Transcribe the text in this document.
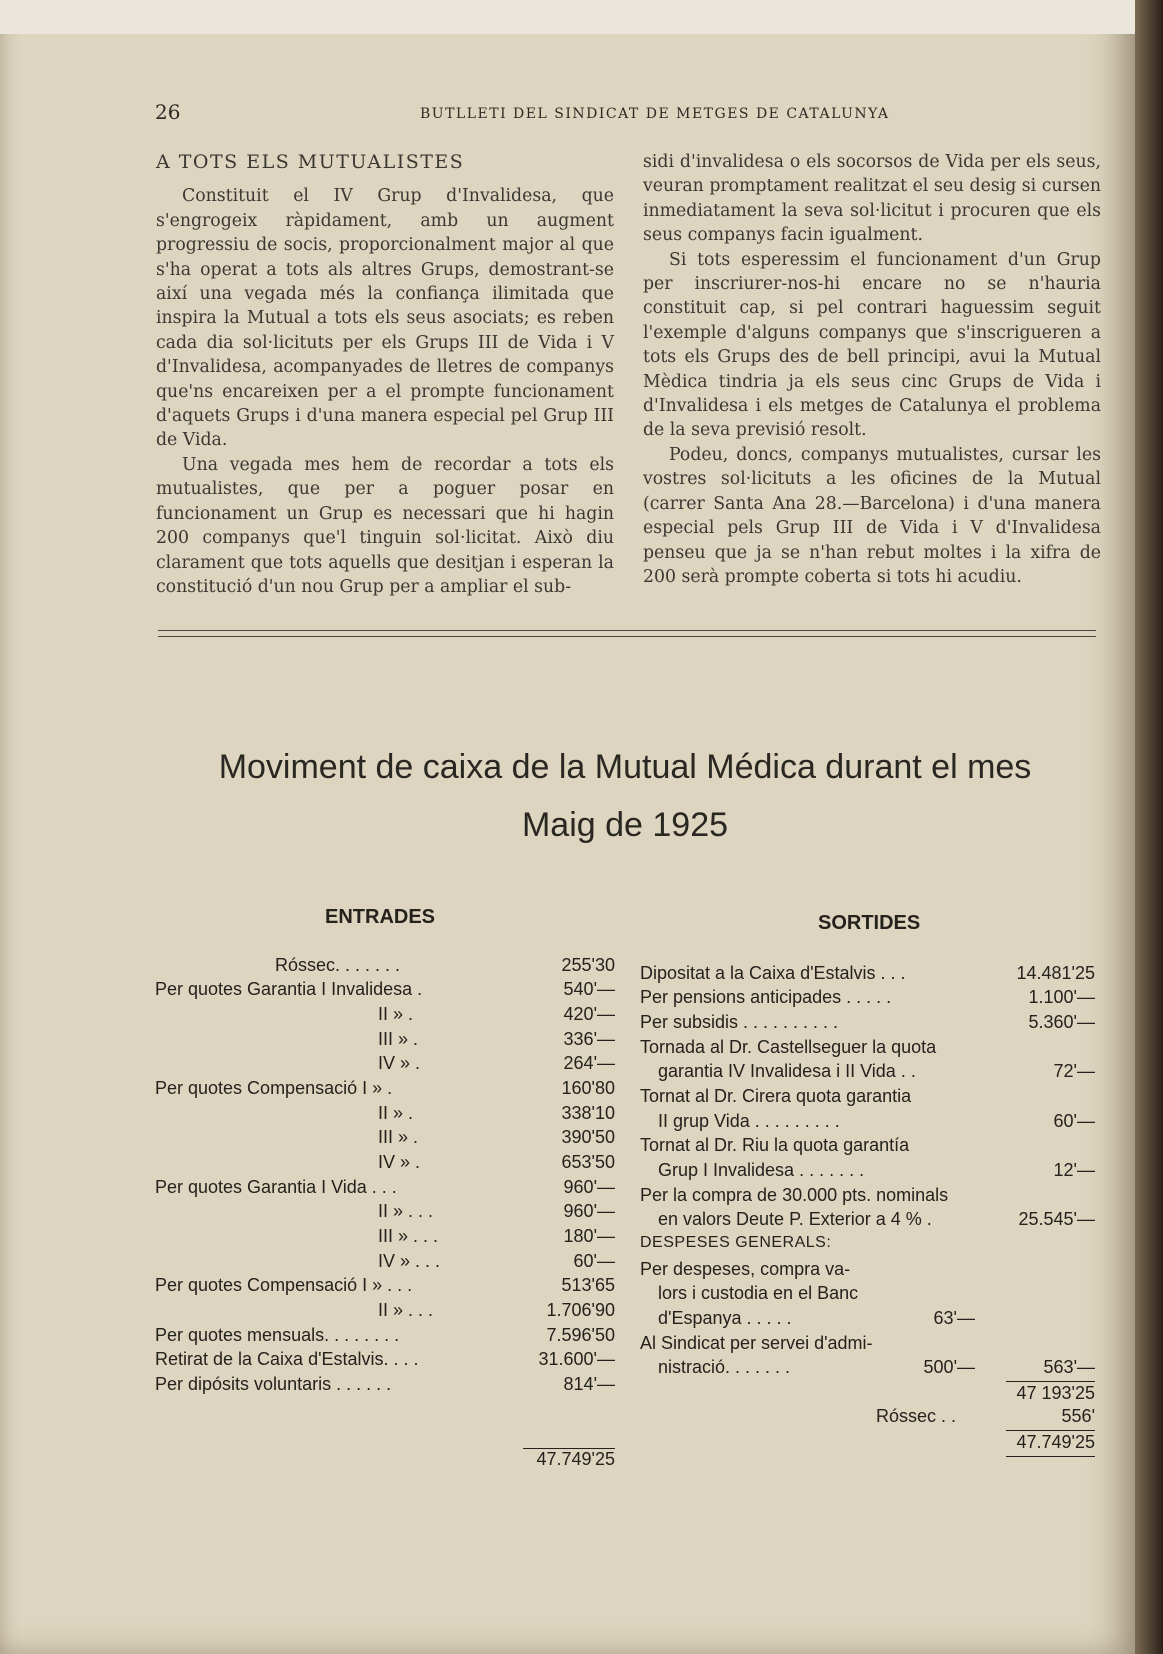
26	BUTLLETI DEL SINDICAT DE METGES DE CATALUNYA

A TOTS ELS MUTUALISTES

Constituit el IV Grup d'Invalidesa, que s'engrogeix ràpidament, amb un augment progressiu de socis, proporcionalment major al que s'ha operat a tots als altres Grups, demostrant-se així una vegada més la confiança ilimitada que inspira la Mutual a tots els seus asociats; es reben cada dia sol·licituts per els Grups III de Vida i V d'Invalidesa, acompanyades de lletres de companys que'ns encareixen per a el prompte funcionament d'aquets Grups i d'una manera especial pel Grup III de Vida.

Una vegada mes hem de recordar a tots els mutualistes, que per a poguer posar en funcionament un Grup es necessari que hi hagin 200 companys que'l tinguin sol·licitat. Això diu clarament que tots aquells que desitjan i esperan la constitució d'un nou Grup per a ampliar el sub-

sidi d'invalidesa o els socorsos de Vida per els seus, veuran promptament realitzat el seu desig si cursen inmediatament la seva sol·licitut i procuren que els seus companys facin igualment.

Si tots esperessim el funcionament d'un Grup per inscriurer-nos-hi encare no se n'hauria constituit cap, si pel contrari haguessim seguit l'exemple d'alguns companys que s'inscrigueren a tots els Grups des de bell principi, avui la Mutual Mèdica tindria ja els seus cinc Grups de Vida i d'Invalidesa i els metges de Catalunya el problema de la seva previsió resolt.

Podeu, doncs, companys mutualistes, cursar les vostres sol·licituts a les oficines de la Mutual (carrer Santa Ana 28.—Barcelona) i d'una manera especial pels Grup III de Vida i V d'Invalidesa penseu que ja se n'han rebut moltes i la xifra de 200 serà prompte coberta si tots hi acudiu.

Moviment de caixa de la Mutual Médica durant el mes
Maig de 1925
ENTRADES	SORTIDES
Róssec. . . . . . .	255'30
Per quotes Garantia I Invalidesa .	540'—
II » .	420'—
III » .	336'—
IV » .	264'—
Per quotes Compensació I » .	160'80
II » .	338'10
III » .	390'50
IV » .	653'50
Per quotes Garantia I Vida . . .	960'—
II » . . .	960'—
III » . . .	180'—
IV » . . .	60'—
Per quotes Compensació I » . . .	513'65
II » . . .	1.706'90
Per quotes mensuals. . . . . . . .	7.596'50
Retirat de la Caixa d'Estalvis. . . .	31.600'—
Per dipósits voluntaris . . . . . .	814'—
47.749'25
Dipositat a la Caixa d'Estalvis . . .	14.481'25
Per pensions anticipades . . . . .	1.100'—
Per subsidis . . . . . . . . . .	5.360'—
Tornada al Dr. Castellseguer la quota
garantia IV Invalidesa i II Vida . .	72'—
Tornat al Dr. Cirera quota garantia
II grup Vida . . . . . . . . .	60'—
Tornat al Dr. Riu la quota garantía
Grup I Invalidesa . . . . . . .	12'—
Per la compra de 30.000 pts. nominals
en valors Deute P. Exterior a 4 % .	25.545'—
DESPESES GENERALS:
Per despeses, compra va-
lors i custodia en el Banc
d'Espanya . . . . .	63'—
Al Sindicat per servei d'admi-
nistració. . . . . . .	500'—	563'—
47 193'25
Róssec . .	556'
47.749'25
